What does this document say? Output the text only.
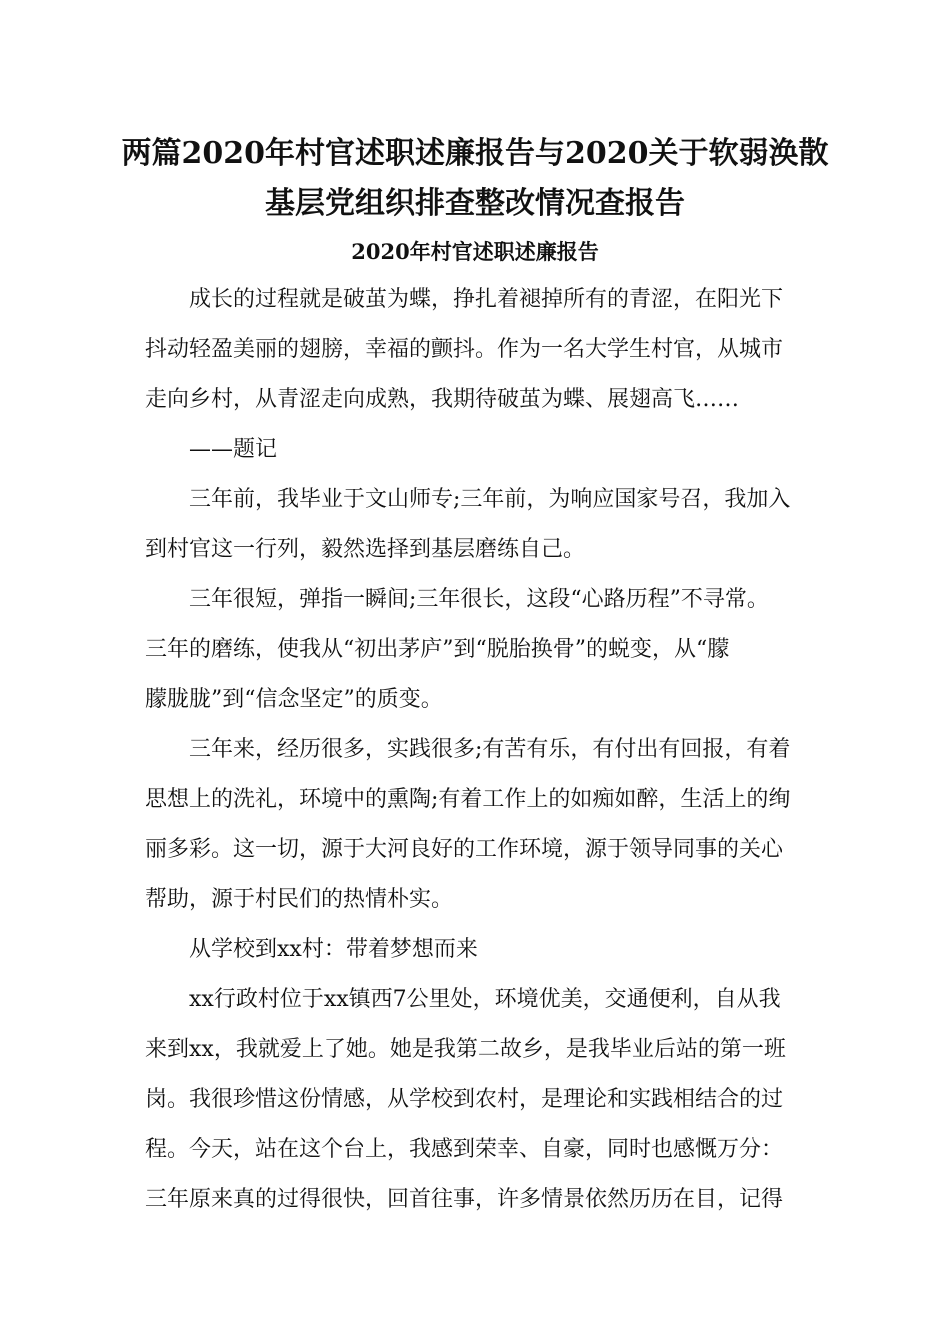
两篇2020年村官述职述廉报告与2020关于软弱涣散
基层党组织排查整改情况查报告
2020年村官述职述廉报告

成长的过程就是破茧为蝶，挣扎着褪掉所有的青涩，在阳光下

抖动轻盈美丽的翅膀，幸福的颤抖。作为一名大学生村官，从城市

走向乡村，从青涩走向成熟，我期待破茧为蝶、展翅高飞……

——题记

三年前，我毕业于文山师专;三年前，为响应国家号召，我加入

到村官这一行列，毅然选择到基层磨练自己。

三年很短，弹指一瞬间;三年很长，这段“心路历程”不寻常。

三年的磨练，使我从“初出茅庐”到“脱胎换骨”的蜕变，从“朦

朦胧胧”到“信念坚定”的质变。

三年来，经历很多，实践很多;有苦有乐，有付出有回报，有着

思想上的洗礼，环境中的熏陶;有着工作上的如痴如醉，生活上的绚

丽多彩。这一切，源于大河良好的工作环境，源于领导同事的关心

帮助，源于村民们的热情朴实。

从学校到xx村：带着梦想而来

xx行政村位于xx镇西7公里处，环境优美，交通便利，自从我

来到xx，我就爱上了她。她是我第二故乡，是我毕业后站的第一班

岗。我很珍惜这份情感，从学校到农村，是理论和实践相结合的过

程。今天，站在这个台上，我感到荣幸、自豪，同时也感慨万分：

三年原来真的过得很快，回首往事，许多情景依然历历在目，记得
